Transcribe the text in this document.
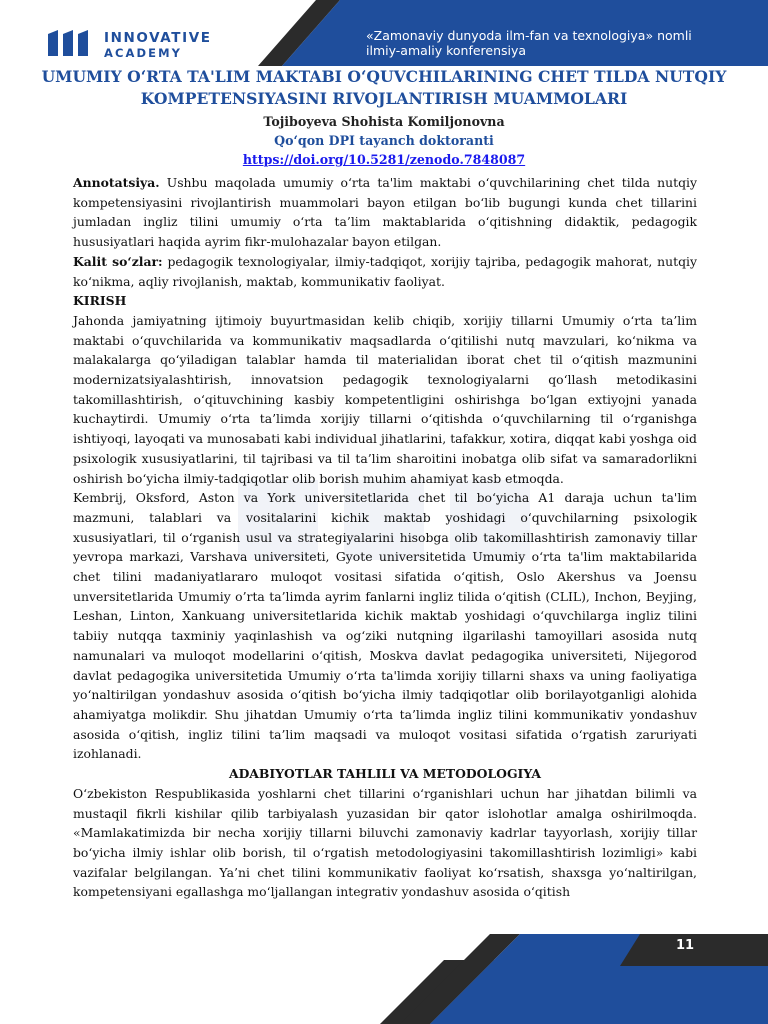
INNOVATIVE
ACADEMY
«Zamonaviy dunyoda ilm-fan va texnologiya» nomli
ilmiy-amaliy konferensiya
UMUMIY O‘RTA TA'LIM MAKTABI O‘QUVCHILARINING CHET TILDA NUTQIY
KOMPETENSIYASINI RIVOJLANTIRISH MUAMMOLARI
Tojiboyeva Shohista Komiljonovna
Qo‘qon DPI tayanch doktoranti
https://doi.org/10.5281/zenodo.7848087

Annotatsiya. Ushbu maqolada umumiy o‘rta ta'lim maktabi o‘quvchilarining chet tilda nutqiy kompetensiyasini rivojlantirish muammolari bayon etilgan bo‘lib bugungi kunda chet tillarini jumladan ingliz tilini umumiy o‘rta ta’lim maktablarida o‘qitishning didaktik, pedagogik hususiyatlari haqida ayrim fikr-mulohazalar bayon etilgan.

Kalit so‘zlar: pedagogik texnologiyalar, ilmiy-tadqiqot, xorijiy tajriba, pedagogik mahorat, nutqiy ko‘nikma, aqliy rivojlanish, maktab, kommunikativ faoliyat.

KIRISH

Jahonda jamiyatning ijtimoiy buyurtmasidan kelib chiqib, xorijiy tillarni Umumiy o‘rta ta’lim maktabi o‘quvchilarida va kommunikativ maqsadlarda o‘qitilishi nutq mavzulari, ko‘nikma va malakalarga qo‘yiladigan talablar hamda til materialidan iborat chet til o‘qitish mazmunini modernizatsiyalashtirish, innovatsion pedagogik texnologiyalarni qo‘llash metodikasini takomillashtirish, o‘qituvchining kasbiy kompetentligini oshirishga bo‘lgan extiyojni yanada kuchaytirdi. Umumiy o‘rta ta’limda xorijiy tillarni o‘qitishda o‘quvchilarning til o‘rganishga ishtiyoqi, layoqati va munosabati kabi individual jihatlarini, tafakkur, xotira, diqqat kabi yoshga oid psixologik xususiyatlarini, til tajribasi va til ta’lim sharoitini inobatga olib sifat va samaradorlikni oshirish bo‘yicha ilmiy-tadqiqotlar olib borish muhim ahamiyat kasb etmoqda.

Kembrij, Oksford, Aston va York universitetlarida chet til bo‘yicha A1 daraja uchun ta'lim mazmuni, talablari va vositalarini kichik maktab yoshidagi o‘quvchilarning psixologik xususiyatlari, til o‘rganish usul va strategiyalarini hisobga olib takomillashtirish zamonaviy tillar yevropa markazi, Varshava universiteti, Gyote universitetida Umumiy o‘rta ta'lim maktabilarida chet tilini madaniyatlararo muloqot vositasi sifatida o‘qitish, Oslo Akershus va Joensu unversitetlarida Umumiy o’rta ta’limda ayrim fanlarni ingliz tilida o‘qitish (CLIL), Inchon, Beyjing, Leshan, Linton, Xankuang universitetlarida kichik maktab yoshidagi o‘quvchilarga ingliz tilini tabiiy nutqqa taxminiy yaqinlashish va og‘ziki nutqning ilgarilashi tamoyillari asosida nutq namunalari va muloqot modellarini o‘qitish, Moskva davlat pedagogika universiteti, Nijegorod davlat pedagogika universitetida Umumiy o‘rta ta'limda xorijiy tillarni shaxs va uning faoliyatiga yo‘naltirilgan yondashuv asosida o‘qitish bo‘yicha ilmiy tadqiqotlar olib borilayotganligi alohida ahamiyatga molikdir. Shu jihatdan Umumiy o‘rta ta’limda ingliz tilini kommunikativ yondashuv asosida o‘qitish, ingliz tilini ta’lim maqsadi va muloqot vositasi sifatida o‘rgatish zaruriyati izohlanadi.

ADABIYOTLAR TAHLILI VA METODOLOGIYA

O‘zbekiston Respublikasida yoshlarni chet tillarini o‘rganishlari uchun har jihatdan bilimli va mustaqil fikrli kishilar qilib tarbiyalash yuzasidan bir qator islohotlar amalga oshirilmoqda. «Mamlakatimizda bir necha xorijiy tillarni biluvchi zamonaviy kadrlar tayyorlash, xorijiy tillar bo‘yicha ilmiy ishlar olib borish, til o‘rgatish metodologiyasini takomillashtirish lozimligi» kabi vazifalar belgilangan. Ya’ni chet tilini kommunikativ faoliyat ko‘rsatish, shaxsga yo‘naltirilgan, kompetensiyani egallashga mo‘ljallangan integrativ yondashuv asosida o‘qitish

11
